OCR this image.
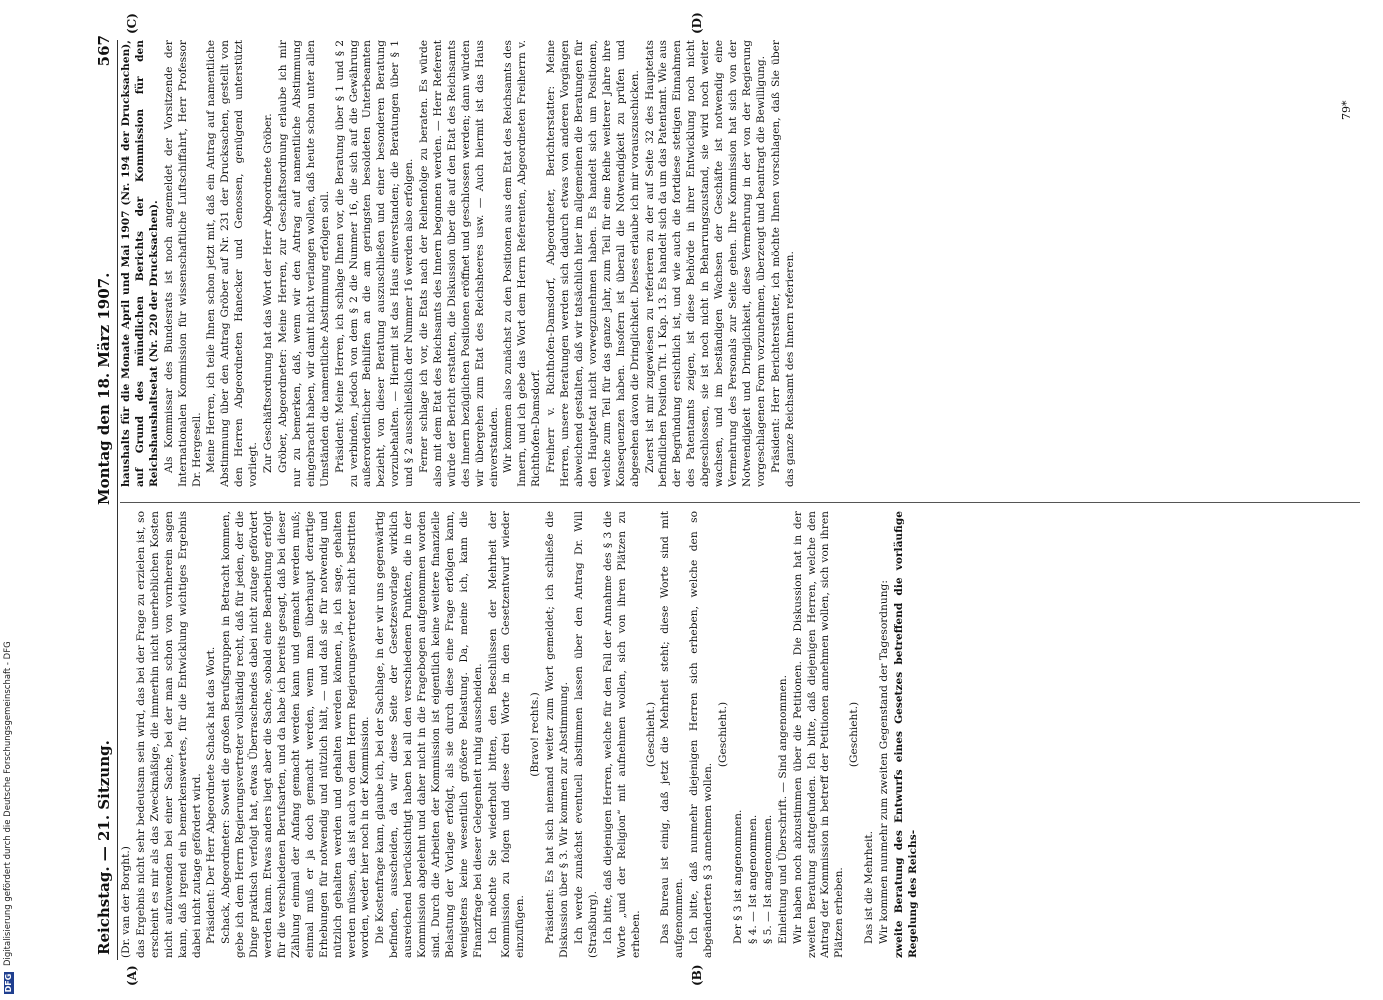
DFG
Digitalisierung gefördert durch die Deutsche Forschungsgemeinschaft - DFG	Reichstag. — 21. Sitzung.
Montag den 18. März 1907.
567

(Dr. van der Borght.) das Ergebnis nicht sehr bedeutsam sein wird, das bei der Frage zu erzielen ist, so erscheint es mir als das Zweckmäßige, die immerhin nicht unerheblichen Kosten nicht aufzuwenden bei einer Sache, bei der man schon von vornherein sagen kann, daß irgend ein bemerkenswertes, für die Entwicklung wichtiges Ergebnis dabei nicht zutage gefördert wird. Präsident: Der Herr Abgeordnete Schack hat das Wort. Schack, Abgeordneter: Soweit die großen Berufsgruppen in Betracht kommen, gebe ich dem Herrn Regierungsvertreter vollständig recht, daß für jeden, der die Dinge praktisch verfolgt hat, etwas Überraschendes dabei nicht zutage gefördert werden kann. Etwas anders liegt aber die Sache, sobald eine Bearbeitung erfolgt für die verschiedenen Berufsarten, und da habe ich bereits gesagt, daß bei dieser Zählung einmal der Anfang gemacht werden kann und gemacht werden muß; einmal muß er ja doch gemacht werden, wenn man überhaupt derartige Erhebungen für notwendig und nützlich hält, — und daß sie für notwendig und nützlich gehalten werden und gehalten werden können, ja, ich sage, gehalten werden müssen, das ist auch von dem Herrn Regierungsvertreter nicht bestritten worden, weder hier noch in der Kommission. Die Kostenfrage kann, glaube ich, bei der Sachlage, in der wir uns gegenwärtig befinden, ausscheiden, da wir diese Seite der Gesetzesvorlage wirklich ausreichend berücksichtigt haben bei all den verschiedenen Punkten, die in der Kommission abgelehnt und daher nicht in die Fragebogen aufgenommen worden sind. Durch die Arbeiten der Kommission ist eigentlich keine weitere finanzielle Belastung der Vorlage erfolgt, als sie durch diese eine Frage erfolgen kann, wenigstens keine wesentlich größere Belastung. Da, meine ich, kann die Finanzfrage bei dieser Gelegenheit ruhig ausscheiden. Ich möchte Sie wiederholt bitten, den Beschlüssen der Mehrheit der Kommission zu folgen und diese drei Worte in den Gesetzentwurf wieder einzufügen.

(Bravo! rechts.) Präsident: Es hat sich niemand weiter zum Wort gemeldet; ich schließe die Diskussion über § 3. Wir kommen zur Abstimmung. Ich werde zunächst eventuell abstimmen lassen über den Antrag Dr. Will (Straßburg). Ich bitte, daß diejenigen Herren, welche für den Fall der Annahme des § 3 die Worte „und der Religion“ mit aufnehmen wollen, sich von ihren Plätzen zu erheben.

(Geschieht.) Das Bureau ist einig, daß jetzt die Mehrheit steht; diese Worte sind mit aufgenommen. Ich bitte, daß nunmehr diejenigen Herren sich erheben, welche den so abgeänderten § 3 annehmen wollen.

(Geschieht.)

Der § 3 ist angenommen. § 4. — Ist angenommen. § 5. — Ist angenommen. Einleitung und Überschrift. — Sind angenommen. Wir haben noch abzustimmen über die Petitionen. Die Diskussion hat in der zweiten Beratung stattgefunden. Ich bitte, daß diejenigen Herren, welche den Antrag der Kommission in betreff der Petitionen annehmen wollen, sich von ihren Plätzen erheben.

(Geschieht.)

Das ist die Mehrheit. Wir kommen nunmehr zum zweiten Gegenstand der Tagesordnung: zweite Beratung des Entwurfs eines Gesetzes betreffend die vorläufige Regelung des Reichs-

haushalts für die Monate April und Mai 1907 (Nr. 194 der Drucksachen), auf Grund des mündlichen Berichts der Kommission für den Reichshaushaltsetat (Nr. 220 der Drucksachen). Als Kommissar des Bundesrats ist noch angemeldet der Vorsitzende der Internationalen Kommission für wissenschaftliche Luftschiffahrt, Herr Professor Dr. Hergesell. Meine Herren, ich teile Ihnen schon jetzt mit, daß ein Antrag auf namentliche Abstimmung über den Antrag Gröber auf Nr. 231 der Drucksachen, gestellt von den Herren Abgeordneten Hanecker und Genossen, genügend unterstützt vorliegt. Zur Geschäftsordnung hat das Wort der Herr Abgeordnete Gröber. Gröber, Abgeordneter: Meine Herren, zur Geschäftsordnung erlaube ich mir nur zu bemerken, daß, wenn wir den Antrag auf namentliche Abstimmung eingebracht haben, wir damit nicht verlangen wollen, daß heute schon unter allen Umständen die namentliche Abstimmung erfolgen soll. Präsident: Meine Herren, ich schlage Ihnen vor, die Beratung über § 1 und § 2 zu verbinden, jedoch von dem § 2 die Nummer 16, die sich auf die Gewährung außerordentlicher Beihilfen an die am geringsten besoldeten Unterbeamten bezieht, von dieser Beratung auszuschließen und einer besonderen Beratung vorzubehalten. — Hiermit ist das Haus einverstanden; die Beratungen über § 1 und § 2 ausschließlich der Nummer 16 werden also erfolgen. Ferner schlage ich vor, die Etats nach der Reihenfolge zu beraten. Es würde also mit dem Etat des Reichsamts des Innern begonnen werden. — Herr Referent würde der Bericht erstatten, die Diskussion über die auf den Etat des Reichsamts des Innern bezüglichen Positionen eröffnet und geschlossen werden; dann würden wir übergehen zum Etat des Reichsheeres usw. — Auch hiermit ist das Haus einverstanden. Wir kommen also zunächst zu den Positionen aus dem Etat des Reichsamts des Innern, und ich gebe das Wort dem Herrn Referenten, Abgeordneten Freiherrn v. Richthofen-Damsdorf. Freiherr v. Richthofen-Damsdorf, Abgeordneter, Berichterstatter: Meine Herren, unsere Beratungen werden sich dadurch etwas von anderen Vorgängen abweichend gestalten, daß wir tatsächlich hier im allgemeinen die Beratungen für den Hauptetat nicht vorwegzunehmen haben. Es handelt sich um Positionen, welche zum Teil für das ganze Jahr, zum Teil für eine Reihe weiterer Jahre ihre Konsequenzen haben. Insofern ist überall die Notwendigkeit zu prüfen und abgesehen davon die Dringlichkeit. Dieses erlaube ich mir vorauszuschicken. Zuerst ist mir zugewiesen zu referieren zu der auf Seite 32 des Hauptetats befindlichen Position Tit. 1 Kap. 13. Es handelt sich da um das Patentamt. Wie aus der Begründung ersichtlich ist, und wie auch die fortdiese stetigen Einnahmen des Patentamts zeigen, ist diese Behörde in ihrer Entwicklung noch nicht abgeschlossen, sie ist noch nicht in Beharrungszustand, sie wird noch weiter wachsen, und im beständigen Wachsen der Geschäfte ist notwendig eine Vermehrung des Personals zur Seite gehen. Ihre Kommission hat sich von der Notwendigkeit und Dringlichkeit, diese Vermehrung in der von der Regierung vorgeschlagenen Form vorzunehmen, überzeugt und beantragt die Bewilligung. Präsident: Herr Berichterstatter, ich möchte Ihnen vorschlagen, daß Sie über das ganze Reichsamt des Innern referieren.

(A)	(B)
(C)	(D)
79*
